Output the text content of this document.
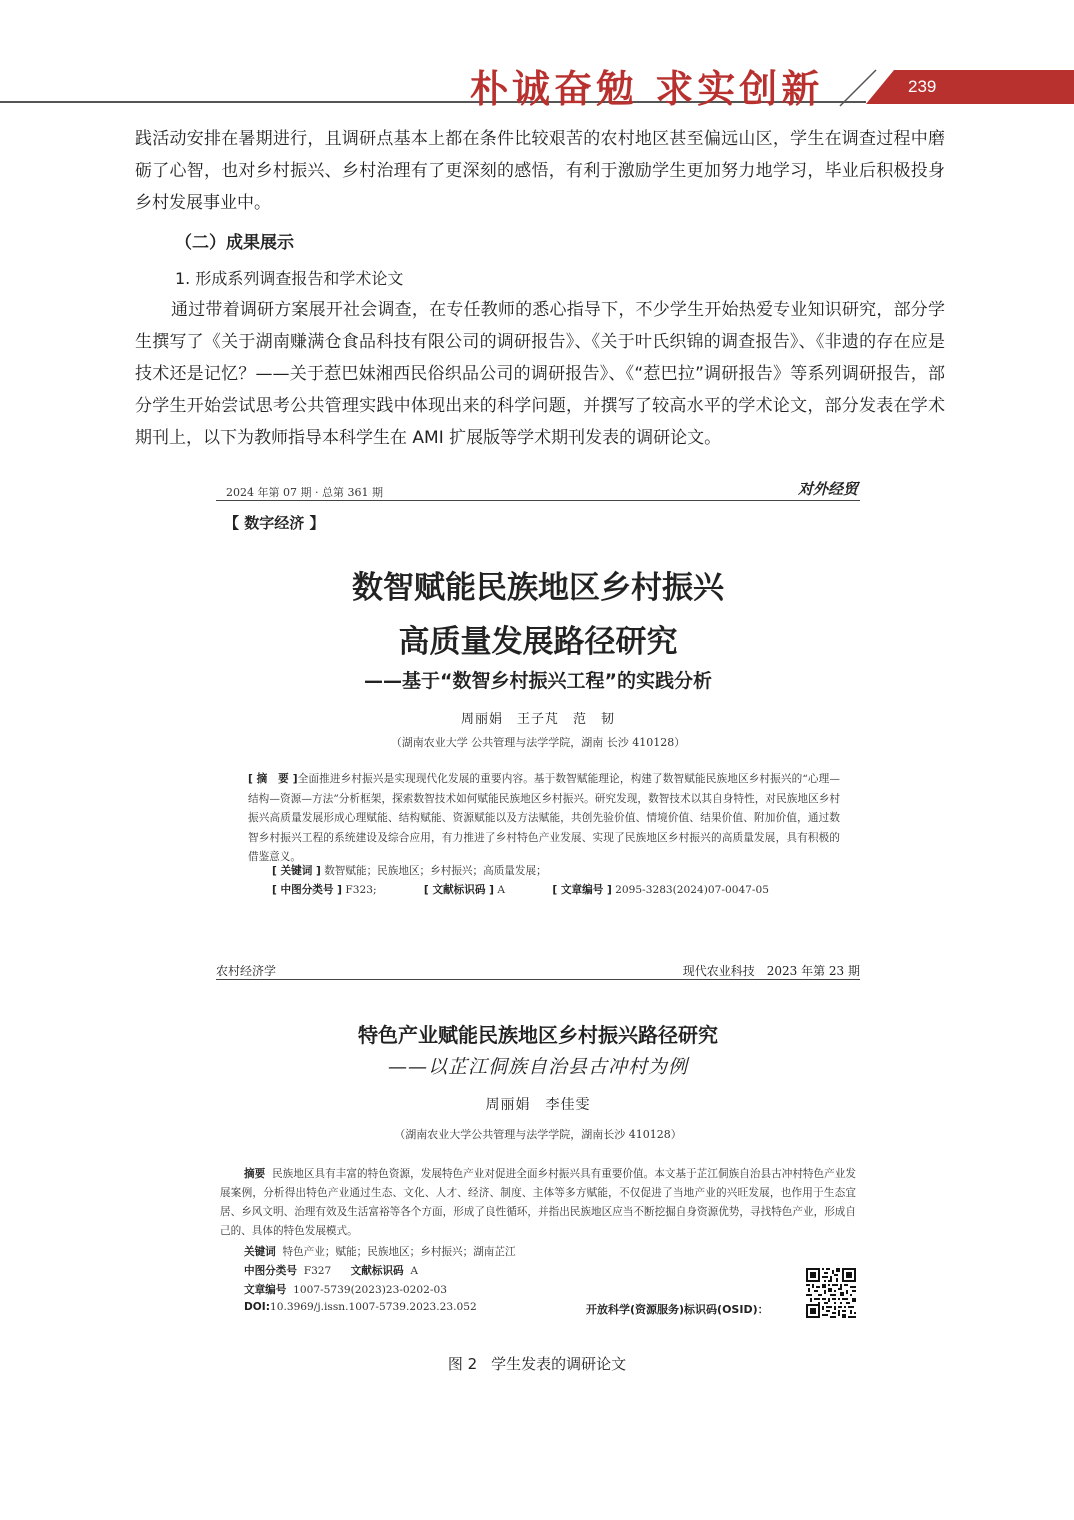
朴诚奋勉 求实创新	239

践活动安排在暑期进行，且调研点基本上都在条件比较艰苦的农村地区甚至偏远山区，学生在调查过程中磨砺了心智，也对乡村振兴、乡村治理有了更深刻的感悟，有利于激励学生更加努力地学习，毕业后积极投身乡村发展事业中。

（二）成果展示
1. 形成系列调查报告和学术论文

通过带着调研方案展开社会调查，在专任教师的悉心指导下，不少学生开始热爱专业知识研究，部分学生撰写了《关于湖南赚满仓食品科技有限公司的调研报告》、《关于叶氏织锦的调查报告》、《非遗的存在应是技术还是记忆？——关于惹巴妹湘西民俗织品公司的调研报告》、《“惹巴拉”调研报告》等系列调研报告，部分学生开始尝试思考公共管理实践中体现出来的科学问题，并撰写了较高水平的学术论文，部分发表在学术期刊上，以下为教师指导本科学生在 AMI 扩展版等学术期刊发表的调研论文。

2024 年第 07 期 · 总第 361 期	对外经贸
【 数字经济 】
数智赋能民族地区乡村振兴
高质量发展路径研究
——基于“数智乡村振兴工程”的实践分析
周丽娟　王子芃　范　韧
（湖南农业大学 公共管理与法学学院，湖南 长沙 410128）
[ 摘　要 ]全面推进乡村振兴是实现现代化发展的重要内容。基于数智赋能理论，构建了数智赋能民族地区乡村振兴的“心理—结构—资源—方法”分析框架，探索数智技术如何赋能民族地区乡村振兴。研究发现，数智技术以其自身特性，对民族地区乡村振兴高质量发展形成心理赋能、结构赋能、资源赋能以及方法赋能，共创先验价值、情境价值、结果价值、附加价值，通过数智乡村振兴工程的系统建设及综合应用，有力推进了乡村特色产业发展、实现了民族地区乡村振兴的高质量发展，具有积极的借鉴意义。
[ 关键词 ] 数智赋能；民族地区；乡村振兴；高质量发展；
[ 中图分类号 ] F323;	[ 文献标识码 ] A	[ 文章编号 ] 2095-3283(2024)07-0047-05
农村经济学	现代农业科技　2023 年第 23 期
特色产业赋能民族地区乡村振兴路径研究
——以芷江侗族自治县古冲村为例
周丽娟　李佳雯
（湖南农业大学公共管理与法学学院，湖南长沙 410128）
摘要 民族地区具有丰富的特色资源，发展特色产业对促进全面乡村振兴具有重要价值。本文基于芷江侗族自治县古冲村特色产业发展案例，分析得出特色产业通过生态、文化、人才、经济、制度、主体等多方赋能，不仅促进了当地产业的兴旺发展，也作用于生态宜居、乡风文明、治理有效及生活富裕等各个方面，形成了良性循环，并指出民族地区应当不断挖掘自身资源优势，寻找特色产业，形成自己的、具体的特色发展模式。
关键词 特色产业；赋能；民族地区；乡村振兴；湖南芷江
中图分类号 F327 文献标识码 A
文章编号 1007-5739(2023)23-0202-03
DOI:10.3969/j.issn.1007-5739.2023.23.052	开放科学(资源服务)标识码(OSID)：
图 2 学生发表的调研论文
